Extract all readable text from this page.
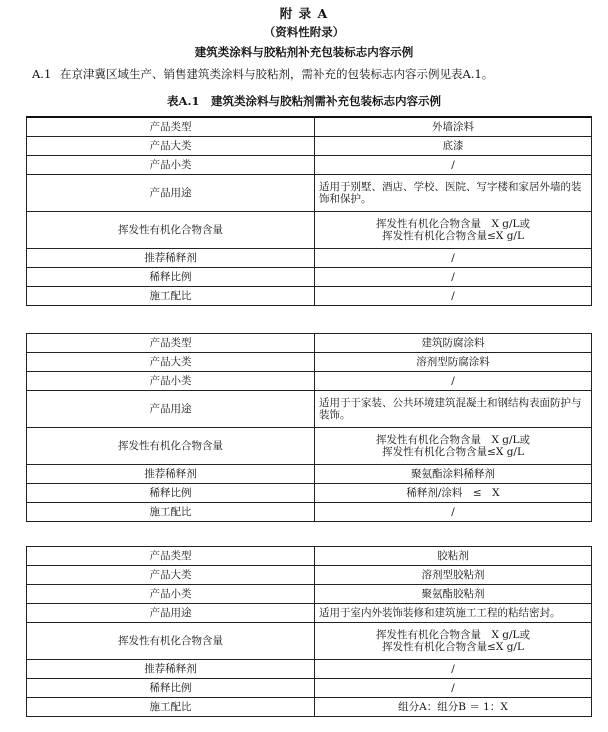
附 录 A
（资料性附录）
建筑类涂料与胶粘剂补充包装标志内容示例
A.1 在京津冀区域生产、销售建筑类涂料与胶粘剂，需补充的包装标志内容示例见表A.1。
表A.1　建筑类涂料与胶粘剂需补充包装标志内容示例
产品类型	外墙涂料
产品大类	底漆
产品小类	/
产品用途	适用于别墅、酒店、学校、医院、写字楼和家居外墙的装饰和保护。
挥发性有机化合物含量	挥发性有机化合物含量　X g/L或
挥发性有机化合物含量≤X g/L

推荐稀释剂	/
稀释比例	/
施工配比	/
产品类型	建筑防腐涂料
产品大类	溶剂型防腐涂料
产品小类	/
产品用途	适用于于家装、公共环境建筑混凝土和钢结构表面防护与装饰。
挥发性有机化合物含量	挥发性有机化合物含量　X g/L或
挥发性有机化合物含量≤X g/L

推荐稀释剂	聚氨酯涂料稀释剂
稀释比例	稀释剂/涂料　≤　X
施工配比	/
产品类型	胶粘剂
产品大类	溶剂型胶粘剂
产品小类	聚氨酯胶粘剂
产品用途	适用于室内外装饰装修和建筑施工工程的粘结密封。
挥发性有机化合物含量	挥发性有机化合物含量　X g/L或
挥发性有机化合物含量≤X g/L

推荐稀释剂	/
稀释比例	/
施工配比	组分A：组分B ＝ 1：X
